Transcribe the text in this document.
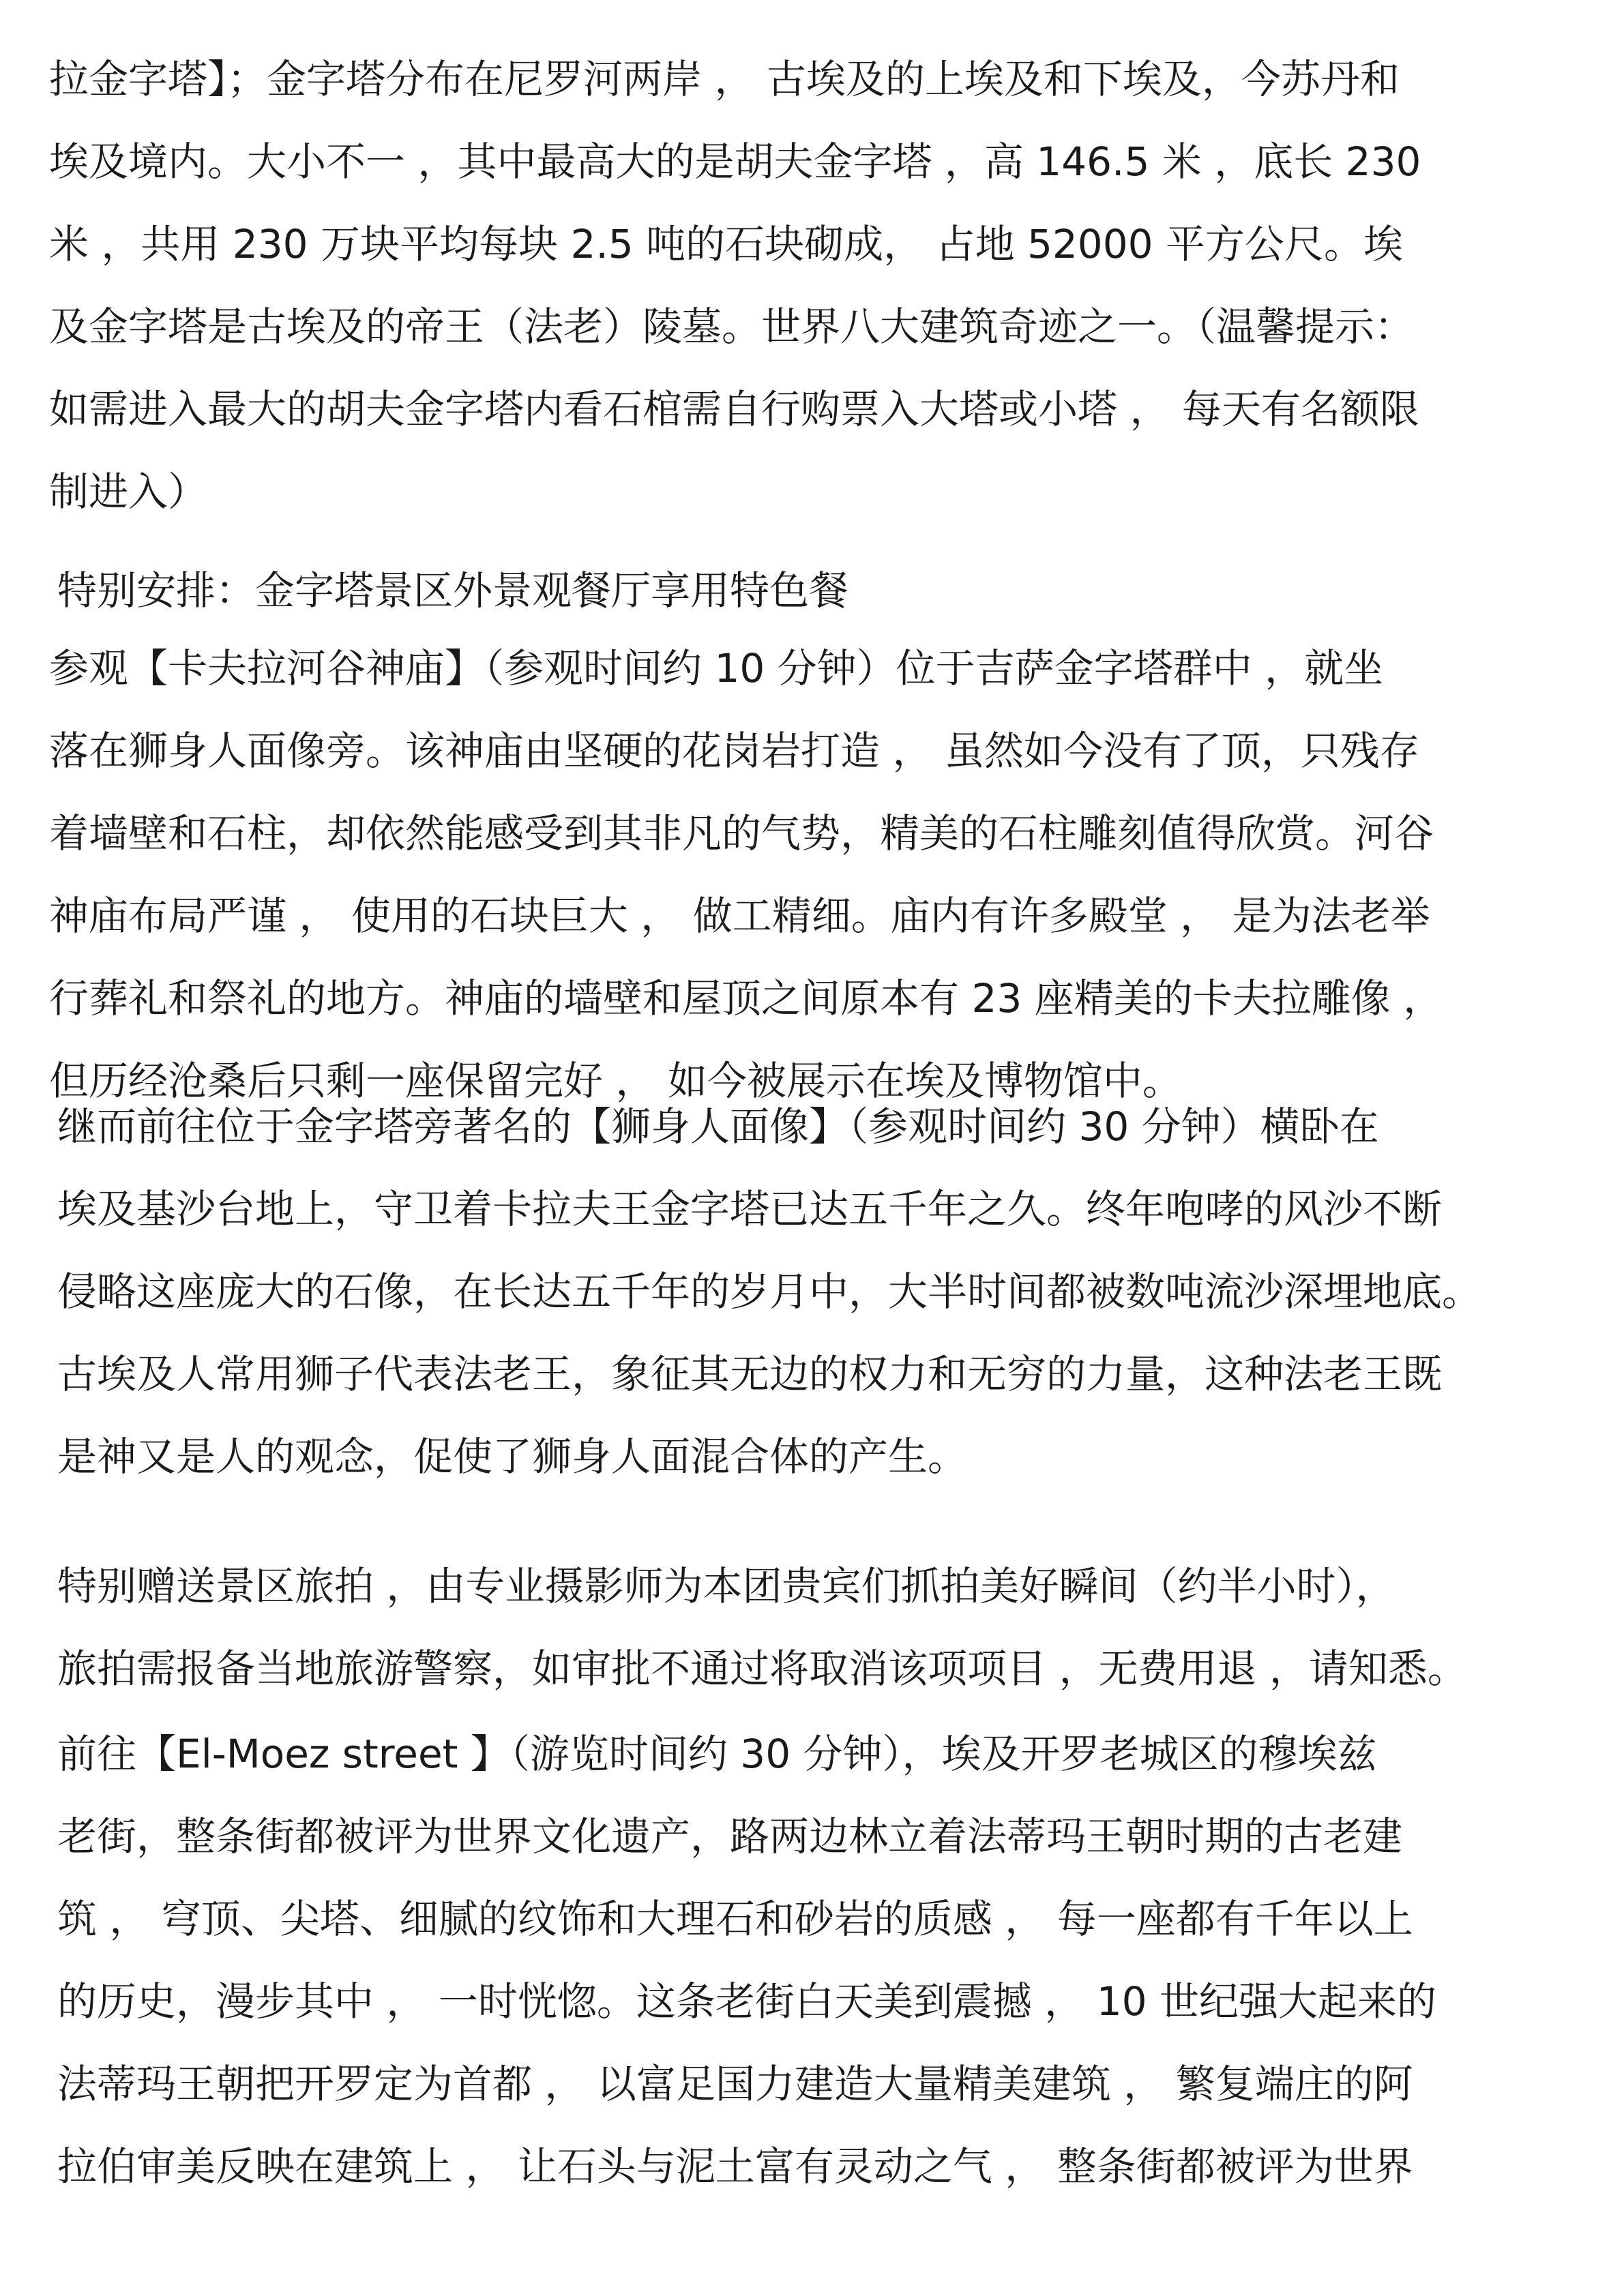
拉金字塔】；金字塔分布在尼罗河两岸 ， 古埃及的上埃及和下埃及，今苏丹和
埃及境内。大小不一 ，其中最高大的是胡夫金字塔 ，高 146.5 米 ，底长 230
米 ，共用 230 万块平均每块 2.5 吨的石块砌成， 占地 52000 平方公尺。埃
及金字塔是古埃及的帝王（法老）陵墓。世界八大建筑奇迹之一。（温馨提示：
如需进入最大的胡夫金字塔内看石棺需自行购票入大塔或小塔 ， 每天有名额限
制进入）

特别安排：金字塔景区外景观餐厅享用特色餐

参观【卡夫拉河谷神庙】（参观时间约 10 分钟）位于吉萨金字塔群中 ，就坐
落在狮身人面像旁。该神庙由坚硬的花岗岩打造 ， 虽然如今没有了顶，只残存
着墙壁和石柱，却依然能感受到其非凡的气势，精美的石柱雕刻值得欣赏。河谷
神庙布局严谨 ， 使用的石块巨大 ， 做工精细。庙内有许多殿堂 ， 是为法老举
行葬礼和祭礼的地方。神庙的墙壁和屋顶之间原本有 23 座精美的卡夫拉雕像 ，
但历经沧桑后只剩一座保留完好 ， 如今被展示在埃及博物馆中。

继而前往位于金字塔旁著名的【狮身人面像】（参观时间约 30 分钟）横卧在
埃及基沙台地上，守卫着卡拉夫王金字塔已达五千年之久。终年咆哮的风沙不断
侵略这座庞大的石像，在长达五千年的岁月中，大半时间都被数吨流沙深埋地底。
古埃及人常用狮子代表法老王，象征其无边的权力和无穷的力量，这种法老王既
是神又是人的观念，促使了狮身人面混合体的产生。

特别赠送景区旅拍 ，由专业摄影师为本团贵宾们抓拍美好瞬间（约半小时），
旅拍需报备当地旅游警察，如审批不通过将取消该项项目 ，无费用退 ，请知悉。

前往【El-Moez street 】（游览时间约 30 分钟），埃及开罗老城区的穆埃兹
老街，整条街都被评为世界文化遗产，路两边林立着法蒂玛王朝时期的古老建
筑 ， 穹顶、尖塔、细腻的纹饰和大理石和砂岩的质感 ， 每一座都有千年以上
的历史，漫步其中 ， 一时恍惚。这条老街白天美到震撼 ， 10 世纪强大起来的
法蒂玛王朝把开罗定为首都 ， 以富足国力建造大量精美建筑 ， 繁复端庄的阿
拉伯审美反映在建筑上 ， 让石头与泥土富有灵动之气 ， 整条街都被评为世界
